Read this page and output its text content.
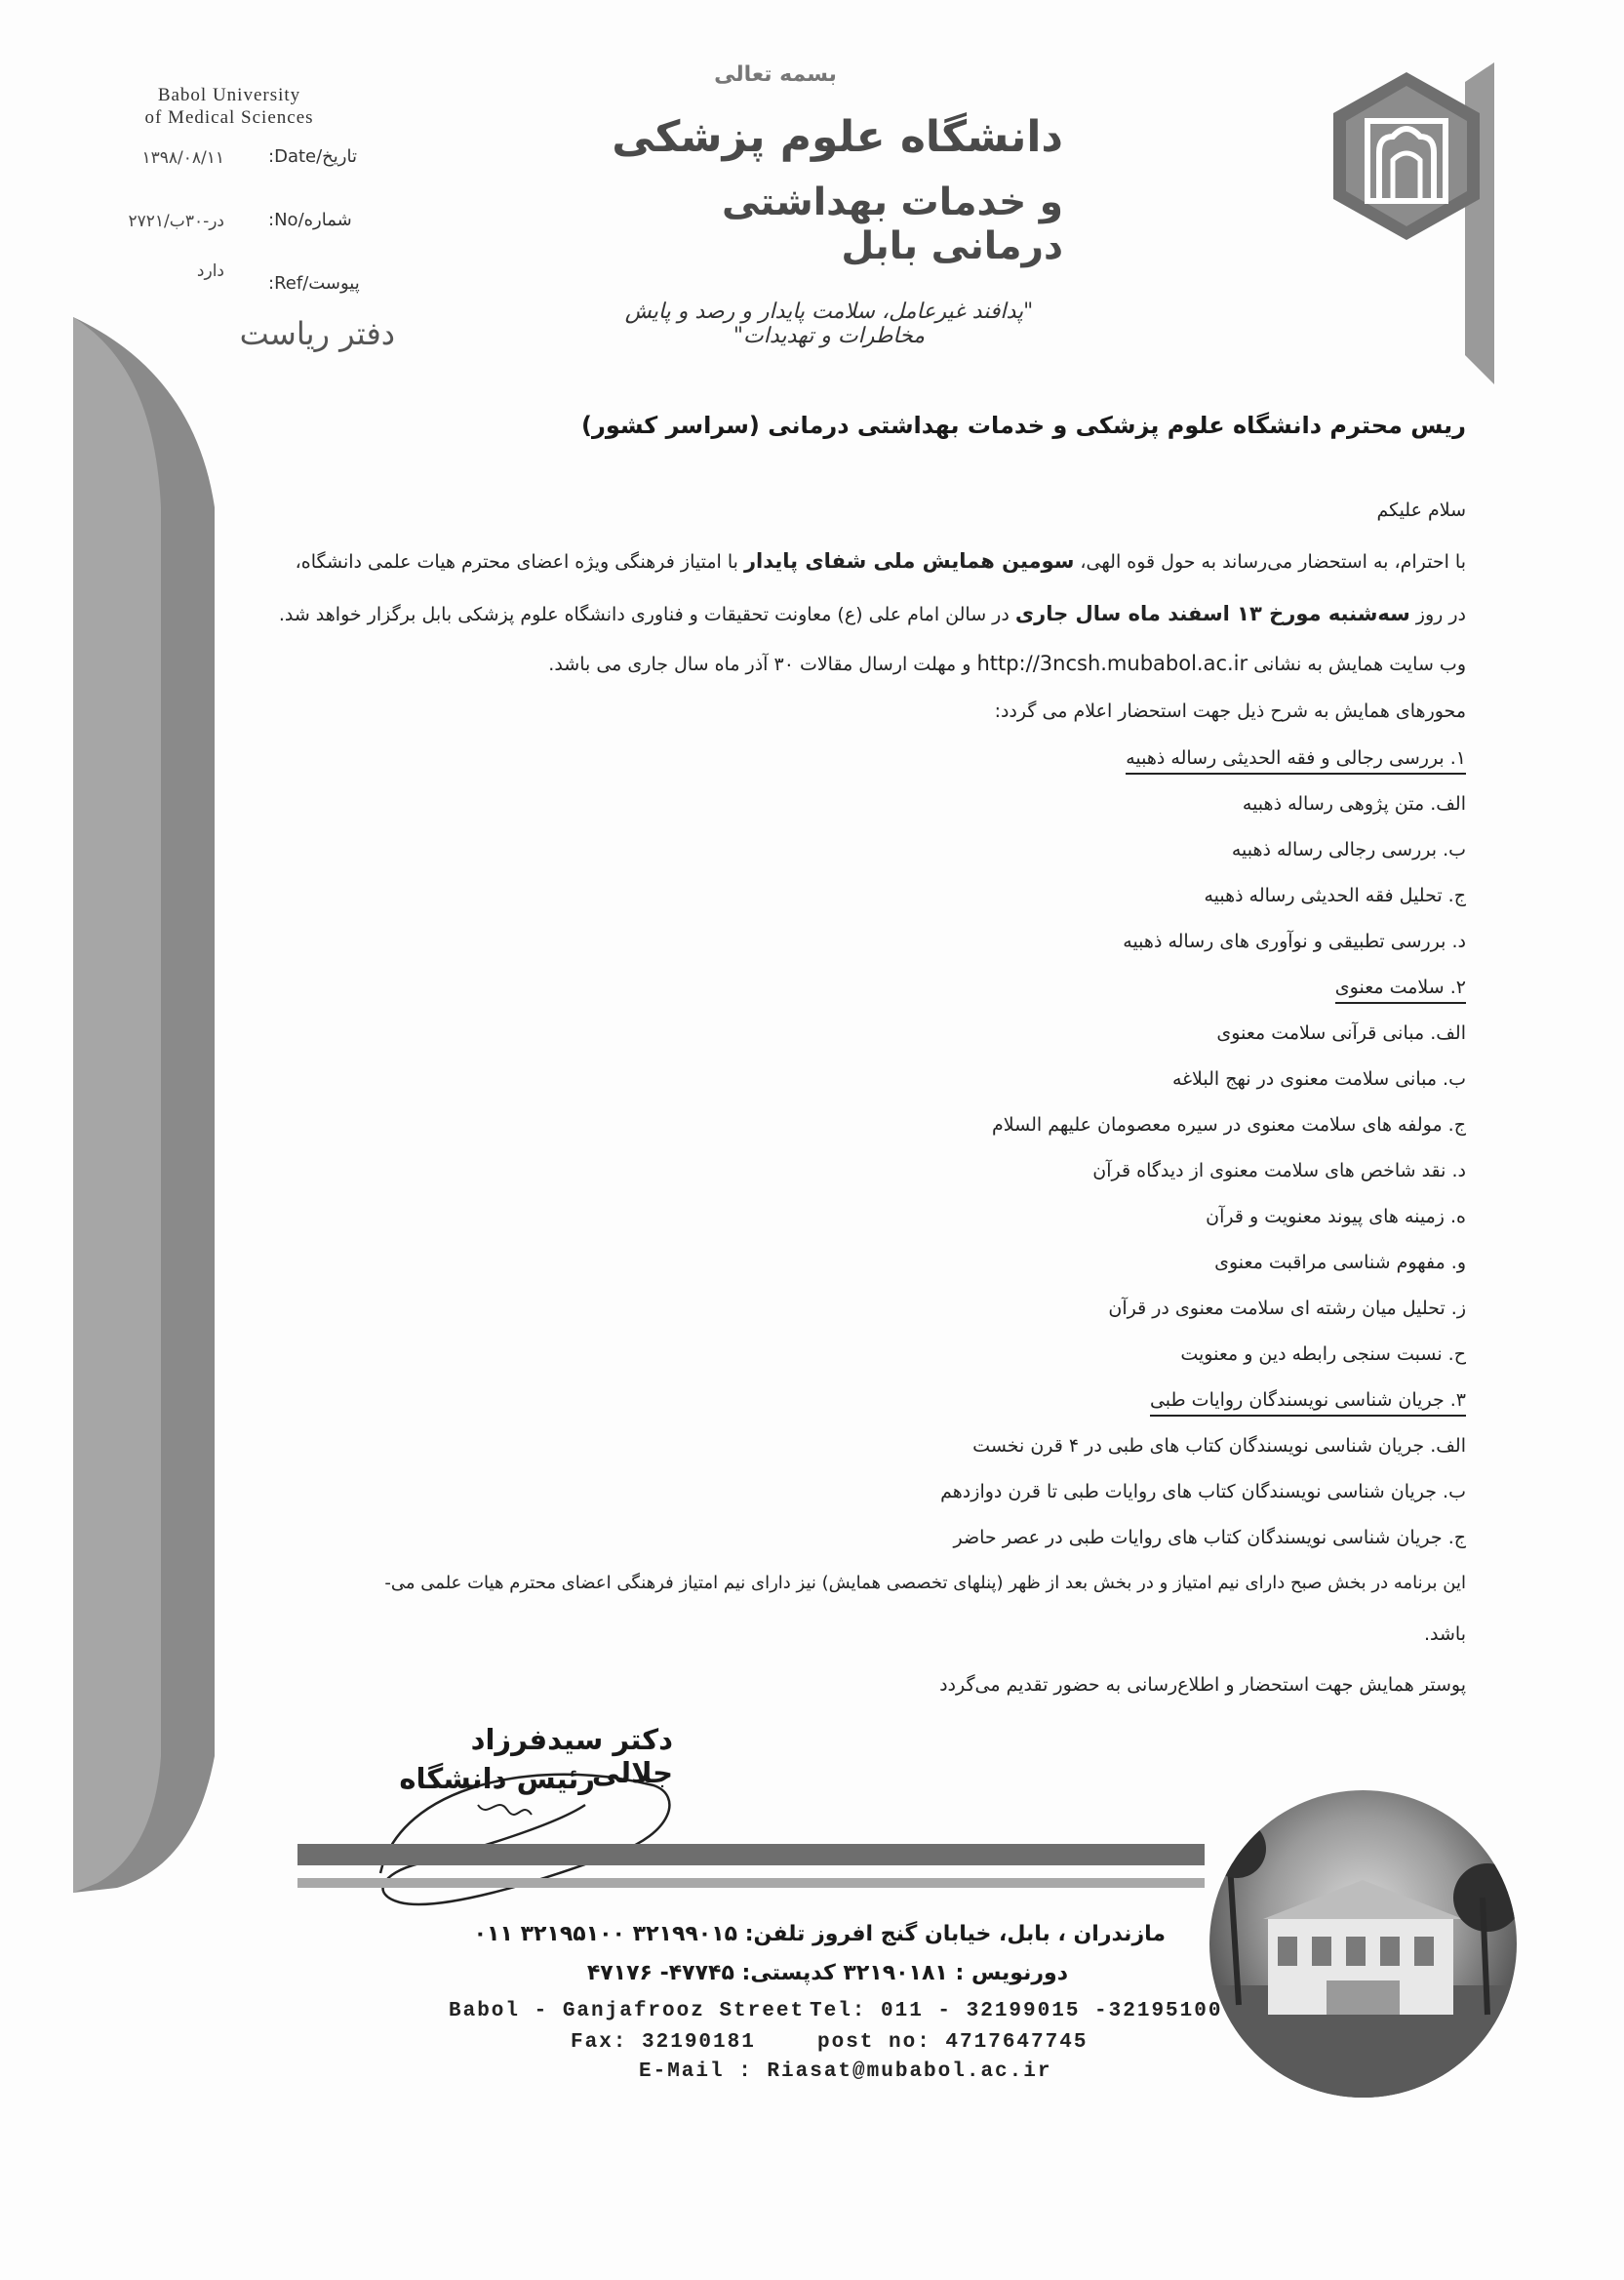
Babol University
of Medical Sciences
تاریخ/Date:
۱۳۹۸/۰۸/۱۱
شماره/No:
۲۷۲۱/در-۳۰ب
پیوست/Ref:
دارد
دفتر ریاست
بسمه تعالی
دانشگاه علوم پزشکی
و خدمات بهداشتی درمانی بابل
"پدافند غیرعامل، سلامت پایدار و رصد و پایش مخاطرات و تهدیدات"
ریس محترم دانشگاه علوم پزشکی و خدمات بهداشتی درمانی (سراسر کشور)
سلام علیکم
با احترام، به استحضار می‌رساند به حول قوه الهی، سومین همایش ملی شفای پایدار با امتیاز فرهنگی ویژه اعضای محترم هیات علمی دانشگاه،
در روز سه‌شنبه مورخ ۱۳ اسفند ماه سال جاری در سالن امام علی (ع) معاونت تحقیقات و فناوری دانشگاه علوم پزشکی بابل برگزار خواهد شد.
وب سایت همایش به نشانی http://3ncsh.mubabol.ac.ir و مهلت ارسال مقالات ۳۰ آذر ماه سال جاری می باشد.
محورهای همایش به شرح ذیل جهت استحضار اعلام می گردد:
۱. بررسی رجالی و فقه الحدیثی رساله ذهبیه
الف. متن پژوهی رساله ذهبیه
ب. بررسی رجالی رساله ذهبیه
ج. تحلیل فقه الحدیثی رساله ذهبیه
د. بررسی تطبیقی و نوآوری های رساله ذهبیه
۲. سلامت معنوی
الف. مبانی قرآنی سلامت معنوی
ب. مبانی سلامت معنوی در نهج البلاغه
ج. مولفه های سلامت معنوی در سیره معصومان علیهم السلام
د. نقد شاخص های سلامت معنوی از دیدگاه قرآن
ه. زمینه های پیوند معنویت و قرآن
و. مفهوم شناسی مراقبت معنوی
ز. تحلیل میان رشته ای سلامت معنوی در قرآن
ح. نسبت سنجی رابطه دین و معنویت
۳. جریان شناسی نویسندگان روایات طبی
الف. جریان شناسی نویسندگان کتاب های طبی در ۴ قرن نخست
ب. جریان شناسی نویسندگان کتاب های روایات طبی تا قرن دوازدهم
ج. جریان شناسی نویسندگان کتاب های روایات طبی در عصر حاضر
این برنامه در بخش صبح دارای نیم امتیاز و در بخش بعد از ظهر (پنلهای تخصصی همایش) نیز دارای نیم امتیاز فرهنگی اعضای محترم هیات علمی می-
باشد.
پوستر همایش جهت استحضار و اطلاع‌رسانی به حضور تقدیم می‌گردد
دکتر سیدفرزاد جلالی
رئیس دانشگاه
مازندران ، بابل، خیابان گنج افروز تلفن: ۳۲۱۹۹۰۱۵ ۳۲۱۹۵۱۰۰ ۰۱۱
دورنویس : ۳۲۱۹۰۱۸۱ کدپستی: ۴۷۷۴۵- ۴۷۱۷۶
Babol - Ganjafrooz Street Tel: 011 - 32199015 -32195100
Fax: 32190181	post no: 4717647745
E-Mail : Riasat@mubabol.ac.ir
